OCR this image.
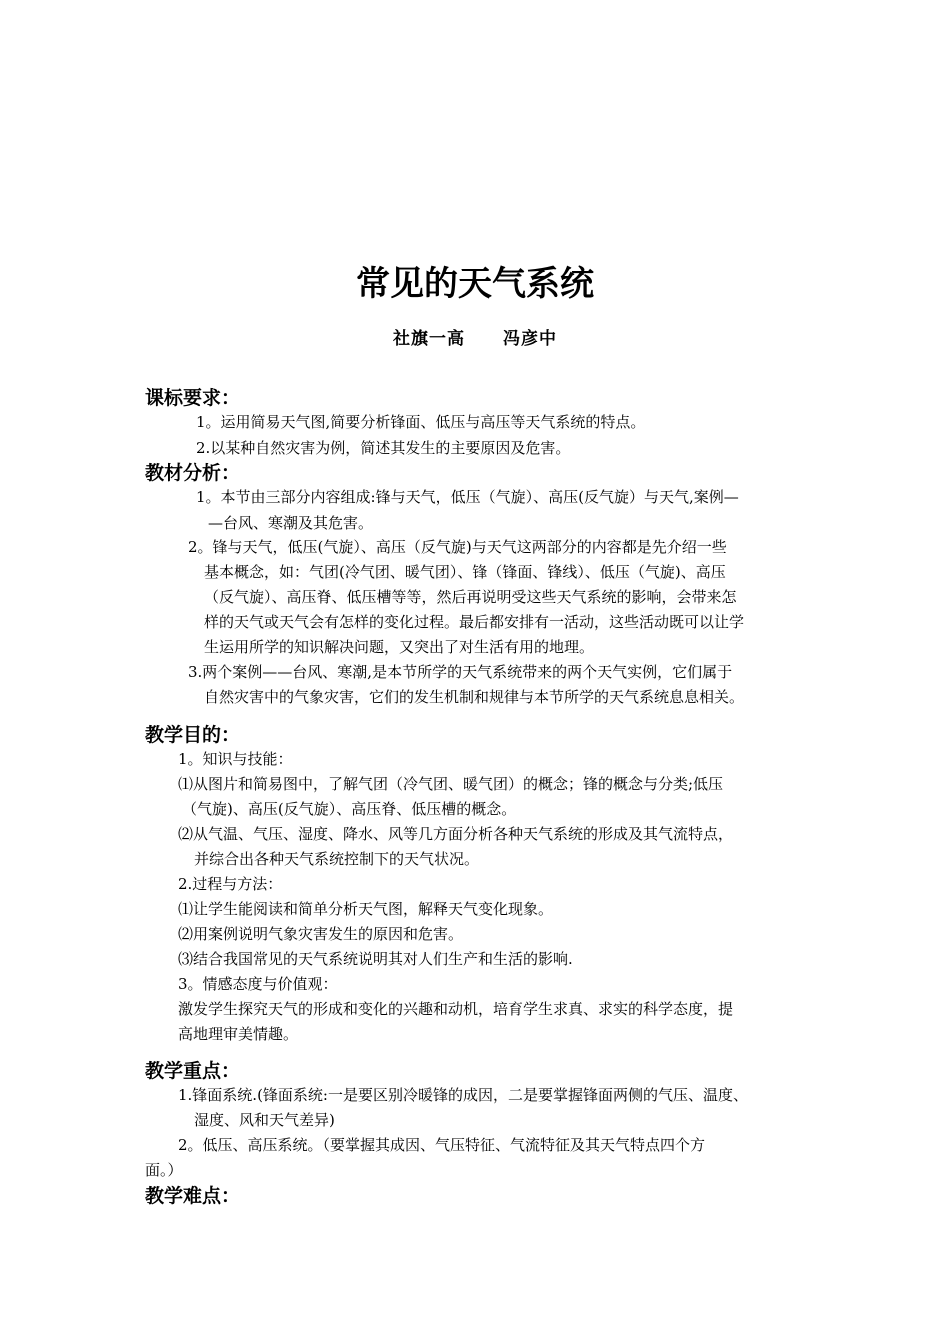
常见的天气系统
社旗一高 冯彦中
课标要求：
1。运用简易天气图,简要分析锋面、低压与高压等天气系统的特点。
2.以某种自然灾害为例，简述其发生的主要原因及危害。
教材分析：
1。本节由三部分内容组成:锋与天气，低压（气旋）、高压(反气旋）与天气,案例—
—台风、寒潮及其危害。
2。锋与天气，低压(气旋）、高压（反气旋)与天气这两部分的内容都是先介绍一些
基本概念，如：气团(冷气团、暖气团）、锋（锋面、锋线）、低压（气旋)、高压
（反气旋）、高压脊、低压槽等等，然后再说明受这些天气系统的影响，会带来怎
样的天气或天气会有怎样的变化过程。最后都安排有一活动，这些活动既可以让学
生运用所学的知识解决问题，又突出了对生活有用的地理。
3.两个案例——台风、寒潮,是本节所学的天气系统带来的两个天气实例，它们属于
自然灾害中的气象灾害，它们的发生机制和规律与本节所学的天气系统息息相关。
教学目的：
1。知识与技能：
⑴从图片和简易图中，了解气团（冷气团、暖气团）的概念；锋的概念与分类;低压
（气旋)、高压(反气旋）、高压脊、低压槽的概念。
⑵从气温、气压、湿度、降水、风等几方面分析各种天气系统的形成及其气流特点，
并综合出各种天气系统控制下的天气状况。
2.过程与方法：
⑴让学生能阅读和简单分析天气图，解释天气变化现象。
⑵用案例说明气象灾害发生的原因和危害。
⑶结合我国常见的天气系统说明其对人们生产和生活的影响.
3。情感态度与价值观：
激发学生探究天气的形成和变化的兴趣和动机，培育学生求真、求实的科学态度，提
高地理审美情趣。
教学重点：
1.锋面系统.(锋面系统:一是要区别冷暖锋的成因，二是要掌握锋面两侧的气压、温度、
湿度、风和天气差异)
2。低压、高压系统。（要掌握其成因、气压特征、气流特征及其天气特点四个方
面。）
教学难点：
